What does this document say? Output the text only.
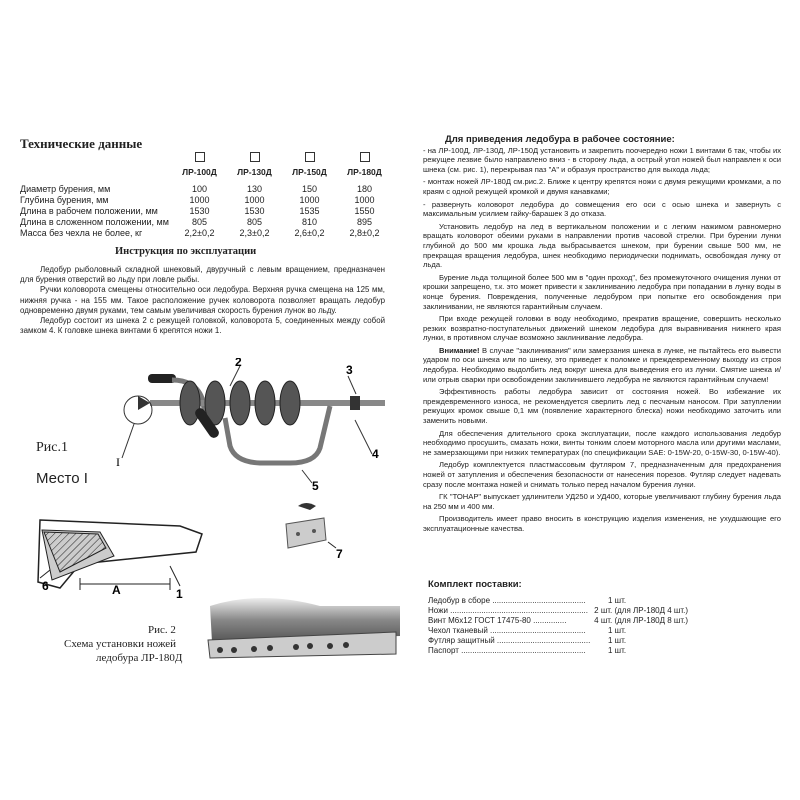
Технические данные

	ЛР-100Д	ЛР-130Д	ЛР-150Д	ЛР-180Д

Диаметр бурения, мм	100	130	150	180
Глубина бурения, мм	1000	1000	1000	1000
Длина в рабочем положении, мм	1530	1530	1535	1550
Длина в сложенном положении, мм	805	805	810	895
Масса без чехла не более, кг	2,2±0,2	2,3±0,2	2,6±0,2	2,8±0,2
Инструкция по эксплуатации

Ледобур рыболовный складной шнековый, двуручный с левым вращением, предназначен для бурения отверстий во льду при ловле рыбы.

Ручки коловорота смещены относительно оси ледобура. Верхняя ручка смещена на 125 мм, нижняя ручка - на 155 мм. Такое расположение ручек коловорота позволяет вращать ледобур одновременно двумя руками, тем самым увеличивая скорость бурения лунок во льду.

Ледобур состоит из шнека 2 с режущей головкой, коловорота 5, соединенных между собой замком 4. К головке шнека винтами 6 крепятся ножи 1.

2
3
4
5
I
Рис.1
Место I
А	1
6
7
Рис. 2
Схема установки ножей
ледобура ЛР-180Д
Для приведения ледобура в рабочее состояние:

- на ЛР-100Д, ЛР-130Д, ЛР-150Д установить и закрепить поочередно ножи 1 винтами 6 так, чтобы их режущее лезвие было направлено вниз - в сторону льда, а острый угол ножей был направлен к оси шнека (см. рис. 1), перекрывая паз "А" и образуя пространство для выхода льда;

- монтаж ножей ЛР-180Д см.рис.2. Ближе к центру крепятся ножи с двумя режущими кромками, а по краям с одной режущей кромкой и двумя канавками;

- развернуть коловорот ледобура до совмещения его оси с осью шнека и завернуть с максимальным усилием гайку-барашек 3 до отказа.

Установить ледобур на лед в вертикальном положении и с легким нажимом равномерно вращать коловорот обеими руками в направлении против часовой стрелки. При бурении лунки глубиной до 500 мм крошка льда выбрасывается шнеком, при бурении свыше 500 мм, не прекращая вращения ледобура, шнек необходимо периодически поднимать, освобождая лунку от льда.

Бурение льда толщиной более 500 мм в "один проход", без промежуточного очищения лунки от крошки запрещено, т.к. это может привести к заклиниванию ледобура при попадании в лунку воды в конце бурения. Повреждения, полученные ледобуром при попытке его освобождения при заклинивании, не являются гарантийным случаем.

При входе режущей головки в воду необходимо, прекратив вращение, совершить несколько резких возвратно-поступательных движений шнеком ледобура для выравнивания нижнего края лунки, в противном случае возможно заклинивание ледобура.

Внимание! В случае "заклинивания" или замерзания шнека в лунке, не пытайтесь его вывести ударом по оси шнека или по шнеку, это приведет к поломке и преждевременному выходу из строя ледобура. Необходимо выдолбить лед вокруг шнека для выведения его из лунки. Смятие шнека и/или отрыв сварки при освобождении заклинившего ледобура не являются гарантийным случаем!

Эффективность работы ледобура зависит от состояния ножей. Во избежание их преждевременного износа, не рекомендуется сверлить лед с песчаным наносом. При затуплении режущих кромок свыше 0,1 мм (появление характерного блеска) ножи необходимо заточить или заменить новыми.

Для обеспечения длительного срока эксплуатации, после каждого использования ледобур необходимо просушить, смазать ножи, винты тонким слоем моторного масла или другими маслами, не замерзающими при низких температурах (по спецификации SAE: 0-15W-20, 0-15W-30, 0-15W-40).

Ледобур комплектуется пластмассовым футляром 7, предназначенным для предохранения ножей от затупления и обеспечения безопасности от нанесения порезов. Футляр следует надевать сразу после монтажа ножей и снимать только перед началом бурения лунки.

ГК "ТОНАР" выпускает удлинители УД250 и УД400, которые увеличивают глубину бурения льда на 250 мм и 400 мм.

Производитель имеет право вносить в конструкцию изделия изменения, не ухудшающие его эксплуатационные качества.

Комплект поставки:
Ледобур в сборе ..........................................	1 шт.
Ножи .............................................................. 2 шт. (для ЛР-180Д 4 шт.)
Винт М6х12 ГОСТ 17475-80 ...............	4 шт. (для ЛР-180Д 8 шт.)
Чехол тканевый ...........................................	1 шт.
Футляр защитный ..........................................	1 шт.
Паспорт ........................................................	1 шт.
